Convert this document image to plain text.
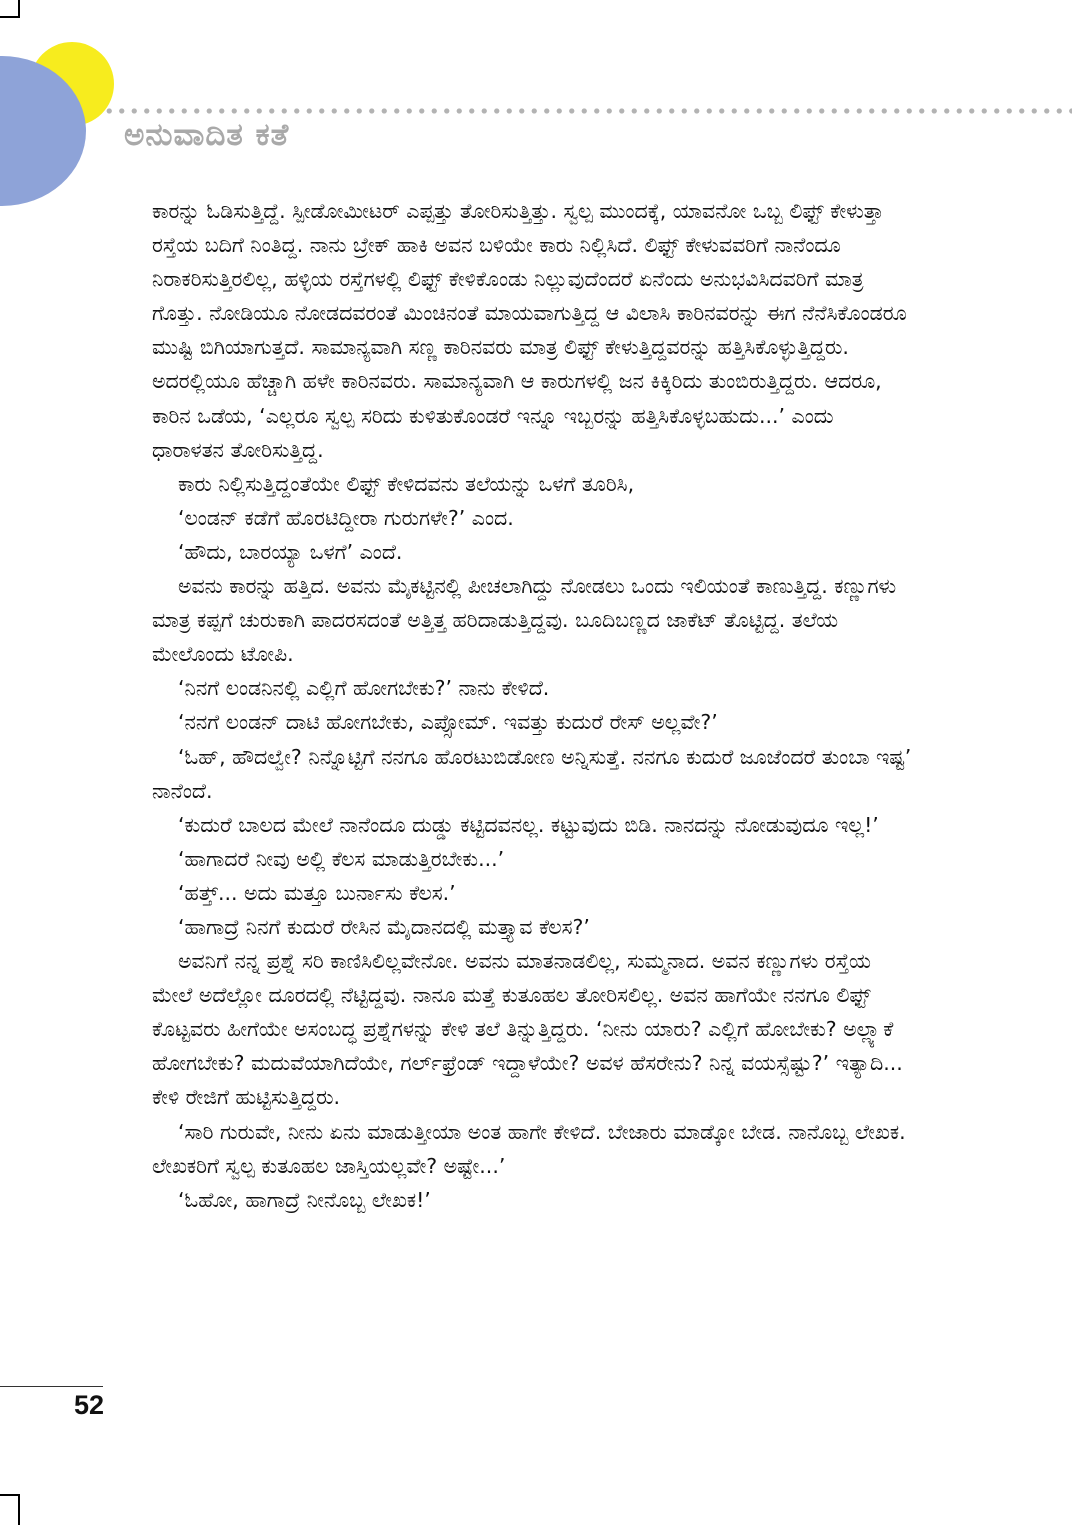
ಅನುವಾದಿತ ಕತೆ

ಕಾರನ್ನು ಓಡಿಸುತ್ತಿದ್ದೆ. ಸ್ಪೀಡೋಮೀಟರ್ ಎಪ್ಪತ್ತು ತೋರಿಸುತ್ತಿತ್ತು. ಸ್ವಲ್ಪ ಮುಂದಕ್ಕೆ, ಯಾವನೋ ಒಬ್ಬ ಲಿಫ್ಟ್ ಕೇಳುತ್ತಾ ರಸ್ತೆಯ ಬದಿಗೆ ನಿಂತಿದ್ದ. ನಾನು ಬ್ರೇಕ್ ಹಾಕಿ ಅವನ ಬಳಿಯೇ ಕಾರು ನಿಲ್ಲಿಸಿದೆ. ಲಿಫ್ಟ್ ಕೇಳುವವರಿಗೆ ನಾನೆಂದೂ ನಿರಾಕರಿಸುತ್ತಿರಲಿಲ್ಲ, ಹಳ್ಳಿಯ ರಸ್ತೆಗಳಲ್ಲಿ ಲಿಫ್ಟ್ ಕೇಳಿಕೊಂಡು ನಿಲ್ಲುವುದೆಂದರೆ ಏನೆಂದು ಅನುಭವಿಸಿದವರಿಗೆ ಮಾತ್ರ ಗೊತ್ತು. ನೋಡಿಯೂ ನೋಡದವರಂತೆ ಮಿಂಚಿನಂತೆ ಮಾಯವಾಗುತ್ತಿದ್ದ ಆ ವಿಲಾಸಿ ಕಾರಿನವರನ್ನು ಈಗ ನೆನೆಸಿಕೊಂಡರೂ ಮುಷ್ಟಿ ಬಿಗಿಯಾಗುತ್ತದೆ. ಸಾಮಾನ್ಯವಾಗಿ ಸಣ್ಣ ಕಾರಿನವರು ಮಾತ್ರ ಲಿಫ್ಟ್ ಕೇಳುತ್ತಿದ್ದವರನ್ನು ಹತ್ತಿಸಿಕೊಳ್ಳುತ್ತಿದ್ದರು. ಅದರಲ್ಲಿಯೂ ಹೆಚ್ಚಾಗಿ ಹಳೇ ಕಾರಿನವರು. ಸಾಮಾನ್ಯವಾಗಿ ಆ ಕಾರುಗಳಲ್ಲಿ ಜನ ಕಿಕ್ಕಿರಿದು ತುಂಬಿರುತ್ತಿದ್ದರು. ಆದರೂ, ಕಾರಿನ ಒಡೆಯ, ‘ಎಲ್ಲರೂ ಸ್ವಲ್ಪ ಸರಿದು ಕುಳಿತುಕೊಂಡರೆ ಇನ್ನೂ ಇಬ್ಬರನ್ನು ಹತ್ತಿಸಿಕೊಳ್ಳಬಹುದು...’ ಎಂದು ಧಾರಾಳತನ ತೋರಿಸುತ್ತಿದ್ದ.

ಕಾರು ನಿಲ್ಲಿಸುತ್ತಿದ್ದಂತೆಯೇ ಲಿಫ್ಟ್ ಕೇಳಿದವನು ತಲೆಯನ್ನು ಒಳಗೆ ತೂರಿಸಿ,

‘ಲಂಡನ್ ಕಡೆಗೆ ಹೊರಟಿದ್ದೀರಾ ಗುರುಗಳೇ?’ ಎಂದ.

‘ಹೌದು, ಬಾರಯ್ಯಾ ಒಳಗೆ’ ಎಂದೆ.

ಅವನು ಕಾರನ್ನು ಹತ್ತಿದ. ಅವನು ಮೈಕಟ್ಟಿನಲ್ಲಿ ಪೀಚಲಾಗಿದ್ದು ನೋಡಲು ಒಂದು ಇಲಿಯಂತೆ ಕಾಣುತ್ತಿದ್ದ. ಕಣ್ಣುಗಳು ಮಾತ್ರ ಕಪ್ಪಗೆ ಚುರುಕಾಗಿ ಪಾದರಸದಂತೆ ಅತ್ತಿತ್ತ ಹರಿದಾಡುತ್ತಿದ್ದವು. ಬೂದಿಬಣ್ಣದ ಜಾಕೆಟ್ ತೊಟ್ಟಿದ್ದ. ತಲೆಯ ಮೇಲೊಂದು ಟೋಪಿ.

‘ನಿನಗೆ ಲಂಡನಿನಲ್ಲಿ ಎಲ್ಲಿಗೆ ಹೋಗಬೇಕು?’ ನಾನು ಕೇಳಿದೆ.

‘ನನಗೆ ಲಂಡನ್ ದಾಟಿ ಹೋಗಬೇಕು, ಎಪ್ಸೋಮ್. ಇವತ್ತು ಕುದುರೆ ರೇಸ್ ಅಲ್ಲವೇ?’

‘ಓಹ್, ಹೌದಲ್ವೇ? ನಿನ್ನೊಟ್ಟಿಗೆ ನನಗೂ ಹೊರಟುಬಿಡೋಣ ಅನ್ನಿಸುತ್ತೆ. ನನಗೂ ಕುದುರೆ ಜೂಜೆಂದರೆ ತುಂಬಾ ಇಷ್ಟ’ ನಾನೆಂದೆ.

‘ಕುದುರೆ ಬಾಲದ ಮೇಲೆ ನಾನೆಂದೂ ದುಡ್ಡು ಕಟ್ಟಿದವನಲ್ಲ. ಕಟ್ಟುವುದು ಬಿಡಿ. ನಾನದನ್ನು ನೋಡುವುದೂ ಇಲ್ಲ!’

‘ಹಾಗಾದರೆ ನೀವು ಅಲ್ಲಿ ಕೆಲಸ ಮಾಡುತ್ತಿರಬೇಕು...’

‘ಹತ್ತ್... ಅದು ಮತ್ತೂ ಬುರ್ನಾಸು ಕೆಲಸ.’

‘ಹಾಗಾದ್ರೆ ನಿನಗೆ ಕುದುರೆ ರೇಸಿನ ಮೈದಾನದಲ್ಲಿ ಮತ್ತ್ಯಾವ ಕೆಲಸ?’

ಅವನಿಗೆ ನನ್ನ ಪ್ರಶ್ನೆ ಸರಿ ಕಾಣಿಸಿಲಿಲ್ಲವೇನೋ. ಅವನು ಮಾತನಾಡಲಿಲ್ಲ, ಸುಮ್ಮನಾದ. ಅವನ ಕಣ್ಣುಗಳು ರಸ್ತೆಯ ಮೇಲೆ ಅದೆಲ್ಲೋ ದೂರದಲ್ಲಿ ನೆಟ್ಟಿದ್ದವು. ನಾನೂ ಮತ್ತೆ ಕುತೂಹಲ ತೋರಿಸಲಿಲ್ಲ. ಅವನ ಹಾಗೆಯೇ ನನಗೂ ಲಿಫ್ಟ್ ಕೊಟ್ಟವರು ಹೀಗೆಯೇ ಅಸಂಬದ್ಧ ಪ್ರಶ್ನೆಗಳನ್ನು ಕೇಳಿ ತಲೆ ತಿನ್ನುತ್ತಿದ್ದರು. ‘ನೀನು ಯಾರು? ಎಲ್ಲಿಗೆ ಹೋಬೇಕು? ಅಲ್ಲ್ಯಾಕೆ ಹೋಗಬೇಕು? ಮದುವೆಯಾಗಿದೆಯೇ, ಗರ್ಲ್‌ಫ್ರೆಂಡ್ ಇದ್ದಾಳೆಯೇ? ಅವಳ ಹೆಸರೇನು? ನಿನ್ನ ವಯಸ್ಸೆಷ್ಟು?’ ಇತ್ಯಾದಿ... ಕೇಳಿ ರೇಜಿಗೆ ಹುಟ್ಟಿಸುತ್ತಿದ್ದರು.

‘ಸಾರಿ ಗುರುವೇ, ನೀನು ಏನು ಮಾಡುತ್ತೀಯಾ ಅಂತ ಹಾಗೇ ಕೇಳಿದೆ. ಬೇಜಾರು ಮಾಡ್ಕೋ ಬೇಡ. ನಾನೊಬ್ಬ ಲೇಖಕ. ಲೇಖಕರಿಗೆ ಸ್ವಲ್ಪ ಕುತೂಹಲ ಜಾಸ್ತಿಯಲ್ಲವೇ? ಅಷ್ಟೇ...’

‘ಓಹೋ, ಹಾಗಾದ್ರೆ ನೀನೊಬ್ಬ ಲೇಖಕ!’

52
